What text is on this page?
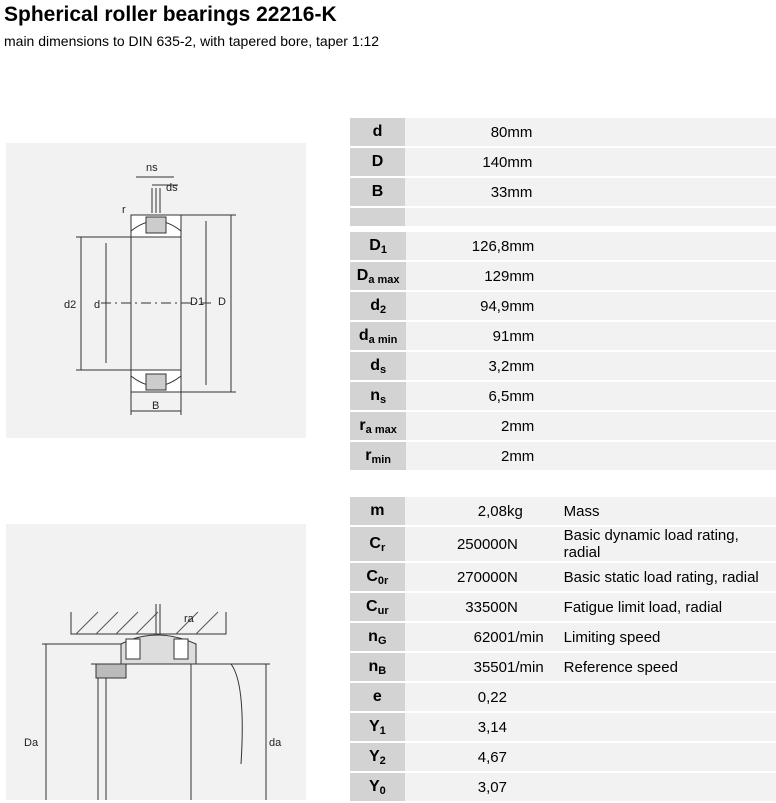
Spherical roller bearings 22216-K

main dimensions to DIN 635-2, with tapered bore, taper 1:12

ns
ds
r
d2 d	D1 D
B
ra
Da	da
d	80	mm	
D	140	mm	
B	33	mm	

$D_1$	126,8	mm	
$D_{a max}$	129	mm	
$d_2$	94,9	mm	
$d_{a min}$	91	mm	
$d_s$	3,2	mm	
$n_s$	6,5	mm	
$r_{a max}$	2	mm	
$r_{min}$	2	mm	
m	2,08	kg	Mass
$C_r$	250000	N	Basic dynamic load rating, radial
$C_{0r}$	270000	N	Basic static load rating, radial
$C_{ur}$	33500	N	Fatigue limit load, radial
$n_G$	6200	1/min	Limiting speed
$n_B$	3550	1/min	Reference speed
e	0,22		
$Y_1$	3,14		
$Y_2$	4,67		
$Y_0$	3,07		
